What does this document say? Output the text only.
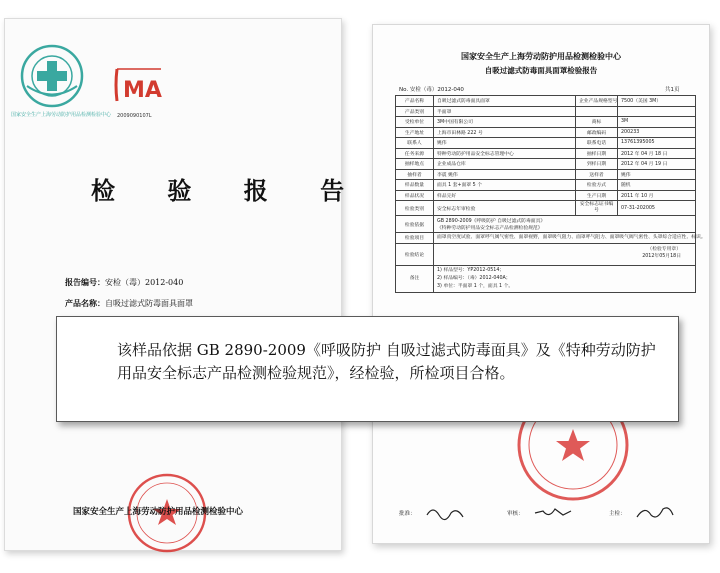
国家安全生产上海劳动防护用品检测检验中心
MA
2009090107L
检 验 报 告
报告编号：安检（毒）2012-040
产品名称：自吸过滤式防毒面具面罩
国家安全生产上海劳动防护用品检测检验中心
国家安全生产上海劳动防护用品检测检验中心
自吸过滤式防毒面具面罩检验报告
No. 安检（毒）2012-040	共1页
产品名称	自吸过滤式防毒面具面罩	企业产品规格型号	7500（美国 3M）
产品类别	半面罩		
受检单位	3M中国有限公司	商标	3M
生产地址	上海市田林路 222 号	邮政编码	200233
联系人	姚伟	联系电话	13761395005
任务来源	特种劳动防护用品安全标志管理中心	抽样日期	2012 年 04 月 18 日
抽样地点	企业成品仓库	到样日期	2012 年 04 月 19 日
抽样者	李震 姚伟	送样者	姚伟
样品数量	面具 1 套+面罩 5 个	检验方式	随机
样品状况	样品完好	生产日期	2011 年 10 月
检验类别	安全标志年审检验	安全标志证书编号	07-31-202005
检验依据	GB 2890-2009《呼吸防护 自吸过滤式防毒面具》
《特种劳动防护用品安全标志产品检测检验规范》		

检验项目	面罩真空度试验、面罩呼气阀气密性、面罩视野，面罩吸气阻力、面罩呼气阻力、面罩吸气阀气密性、头罩综合适应性、标识。		
检验结论	（检验专用章）
2012年05月18日		

备注	1) 样品型号：YP2012-0514；
2) 样品编号：（毒）2012-040A；
3) 单位：半面罩 1 个，面具 1 个。		
批准：	审核：	主检：
该样品依据 GB 2890-2009《呼吸防护 自吸过滤式防毒面具》及《特种劳动防护用品安全标志产品检测检验规范》，经检验，所检项目合格。
